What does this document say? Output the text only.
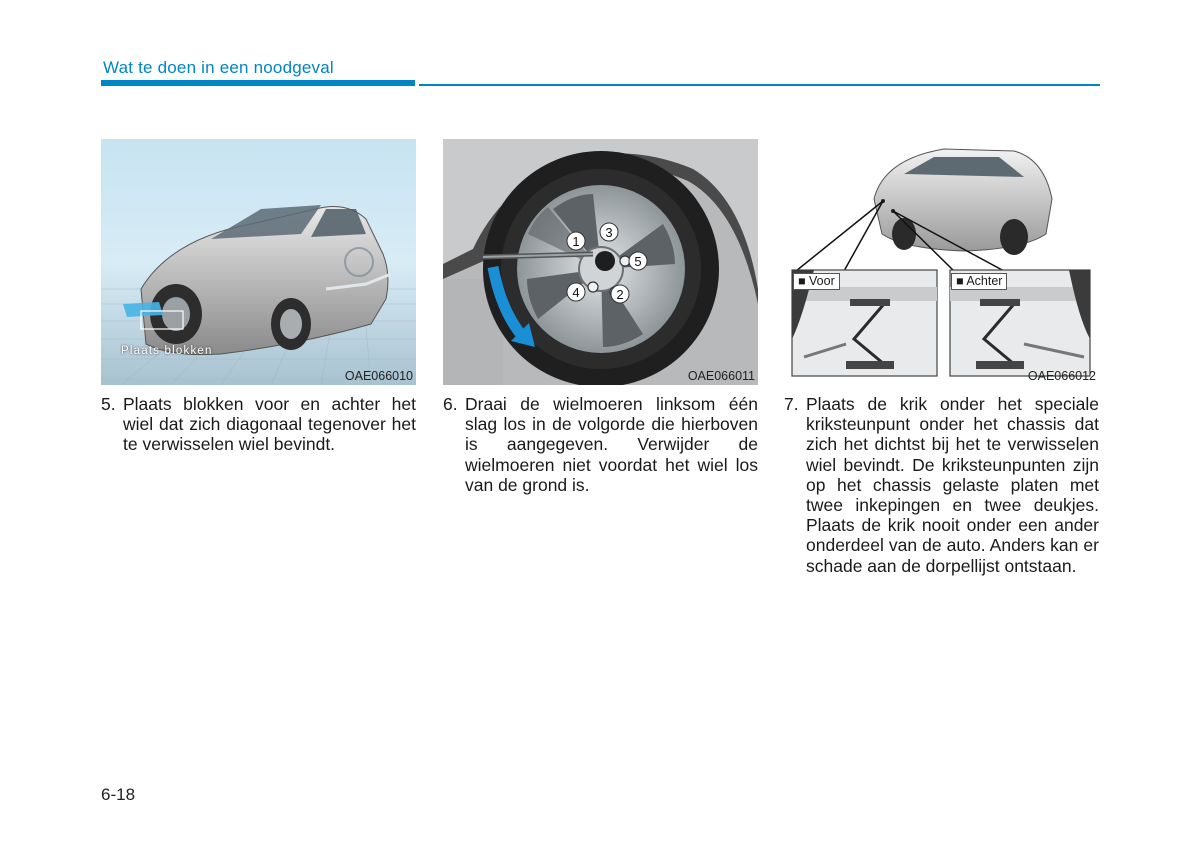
Wat te doen in een noodgeval
Plaats blokken
OAE066010
1
2
3
4
5
OAE066011
■ Voor	■ Achter
OAE066012
5. Plaats blokken voor en achter het wiel dat zich diagonaal tegenover het te verwisselen wiel bevindt.
6. Draai de wielmoeren linksom één slag los in de volgorde die hierboven is aangegeven. Verwijder de wielmoeren niet voordat het wiel los van de grond is.
7. Plaats de krik onder het speciale kriksteunpunt onder het chassis dat zich het dichtst bij het te verwisselen wiel bevindt. De kriksteunpunten zijn op het chassis gelaste platen met twee inkepingen en twee deukjes. Plaats de krik nooit onder een ander onderdeel van de auto. Anders kan er schade aan de dorpellijst ontstaan.
6-18
